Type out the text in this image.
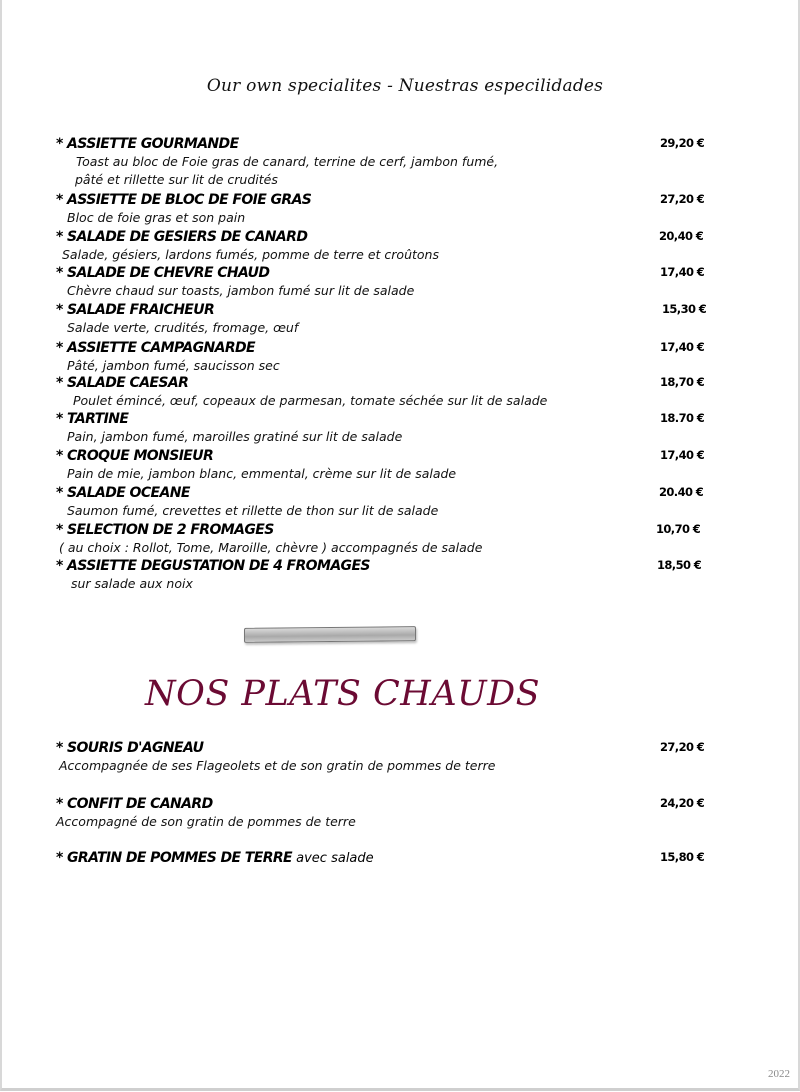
Our own specialites - Nuestras especilidades
* ASSIETTE GOURMANDE
Toast au bloc de Foie gras de canard, terrine de cerf, jambon fumé,
pâté et rillette sur lit de crudités
29,20 €
* ASSIETTE DE BLOC DE FOIE GRAS
Bloc de foie gras et son pain
27,20 €
* SALADE DE GESIERS DE CANARD
Salade, gésiers, lardons fumés, pomme de terre et croûtons
20,40 €
* SALADE DE CHEVRE CHAUD
Chèvre chaud sur toasts, jambon fumé sur lit de salade
17,40 €
* SALADE FRAICHEUR
Salade verte, crudités, fromage, œuf
15,30 €
* ASSIETTE CAMPAGNARDE
Pâté, jambon fumé, saucisson sec
17,40 €
* SALADE CAESAR
Poulet émincé, œuf, copeaux de parmesan, tomate séchée sur lit de salade
18,70 €
* TARTINE
Pain, jambon fumé, maroilles gratiné sur lit de salade
18.70 €
* CROQUE MONSIEUR
Pain de mie, jambon blanc, emmental, crème sur lit de salade
17,40 €
* SALADE OCEANE
Saumon fumé, crevettes et rillette de thon sur lit de salade
20.40 €
* SELECTION DE 2 FROMAGES
( au choix : Rollot, Tome, Maroille, chèvre ) accompagnés de salade
10,70 €
* ASSIETTE DEGUSTATION DE 4 FROMAGES
sur salade aux noix
18,50 €
NOS PLATS CHAUDS
* SOURIS D'AGNEAU
Accompagnée de ses Flageolets et de son gratin de pommes de terre
27,20 €
* CONFIT DE CANARD
Accompagné de son gratin de pommes de terre
24,20 €
* GRATIN DE POMMES DE TERRE avec salade	15,80 €
2022
